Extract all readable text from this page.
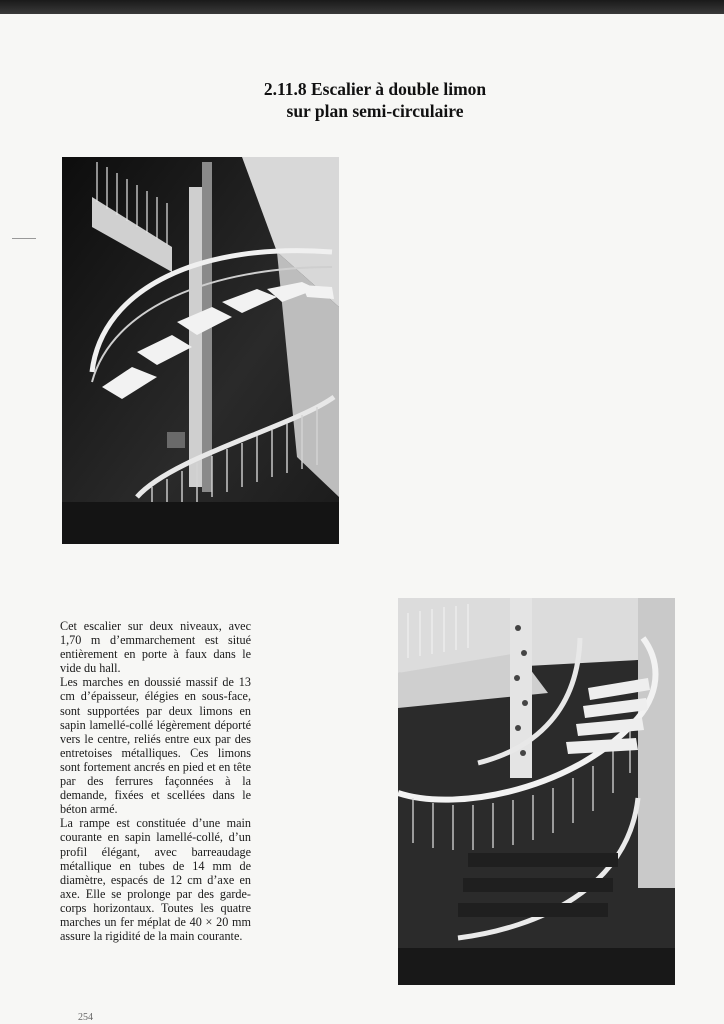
2.11.8 Escalier à double limon
sur plan semi-circulaire

Cet escalier sur deux niveaux, avec 1,70 m d’emmarchement est situé entièrement en porte à faux dans le vide du hall.

Les marches en doussié massif de 13 cm d’épaisseur, élégies en sous-face, sont supportées par deux limons en sapin lamellé-collé légèrement déporté vers le centre, reliés entre eux par des entretoises métalliques. Ces limons sont fortement ancrés en pied et en tête par des ferrures façonnées à la demande, fixées et scellées dans le béton armé.

La rampe est constituée d’une main courante en sapin lamellé-collé, d’un profil élégant, avec barreaudage métallique en tubes de 14 mm de diamètre, espacés de 12 cm d’axe en axe. Elle se prolonge par des garde-corps horizontaux. Toutes les quatre marches un fer méplat de 40 × 20 mm assure la rigidité de la main courante.

254
